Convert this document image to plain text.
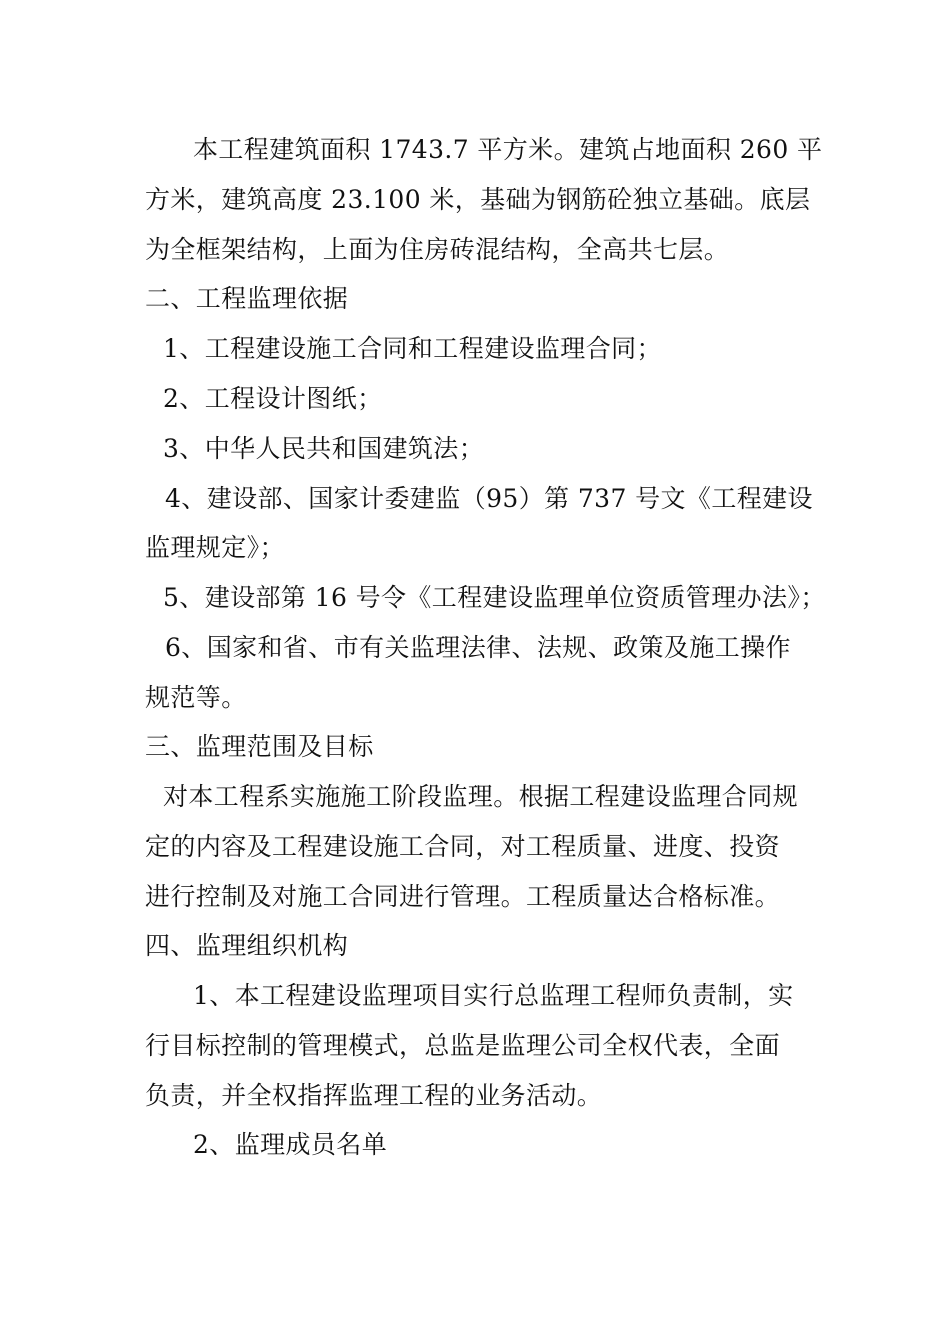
本工程建筑面积 1743.7 平方米。建筑占地面积 260 平
方米，建筑高度 23.100 米，基础为钢筋砼独立基础。底层
为全框架结构，上面为住房砖混结构，全高共七层。
二、工程监理依据
1、工程建设施工合同和工程建设监理合同；
2、工程设计图纸；
3、中华人民共和国建筑法；
4、建设部、国家计委建监（95）第 737 号文《工程建设
监理规定》；
5、建设部第 16 号令《工程建设监理单位资质管理办法》；
6、国家和省、市有关监理法律、法规、政策及施工操作
规范等。
三、监理范围及目标
对本工程系实施施工阶段监理。根据工程建设监理合同规
定的内容及工程建设施工合同，对工程质量、进度、投资
进行控制及对施工合同进行管理。工程质量达合格标准。
四、监理组织机构
1、本工程建设监理项目实行总监理工程师负责制，实
行目标控制的管理模式，总监是监理公司全权代表，全面
负责，并全权指挥监理工程的业务活动。
2、监理成员名单
